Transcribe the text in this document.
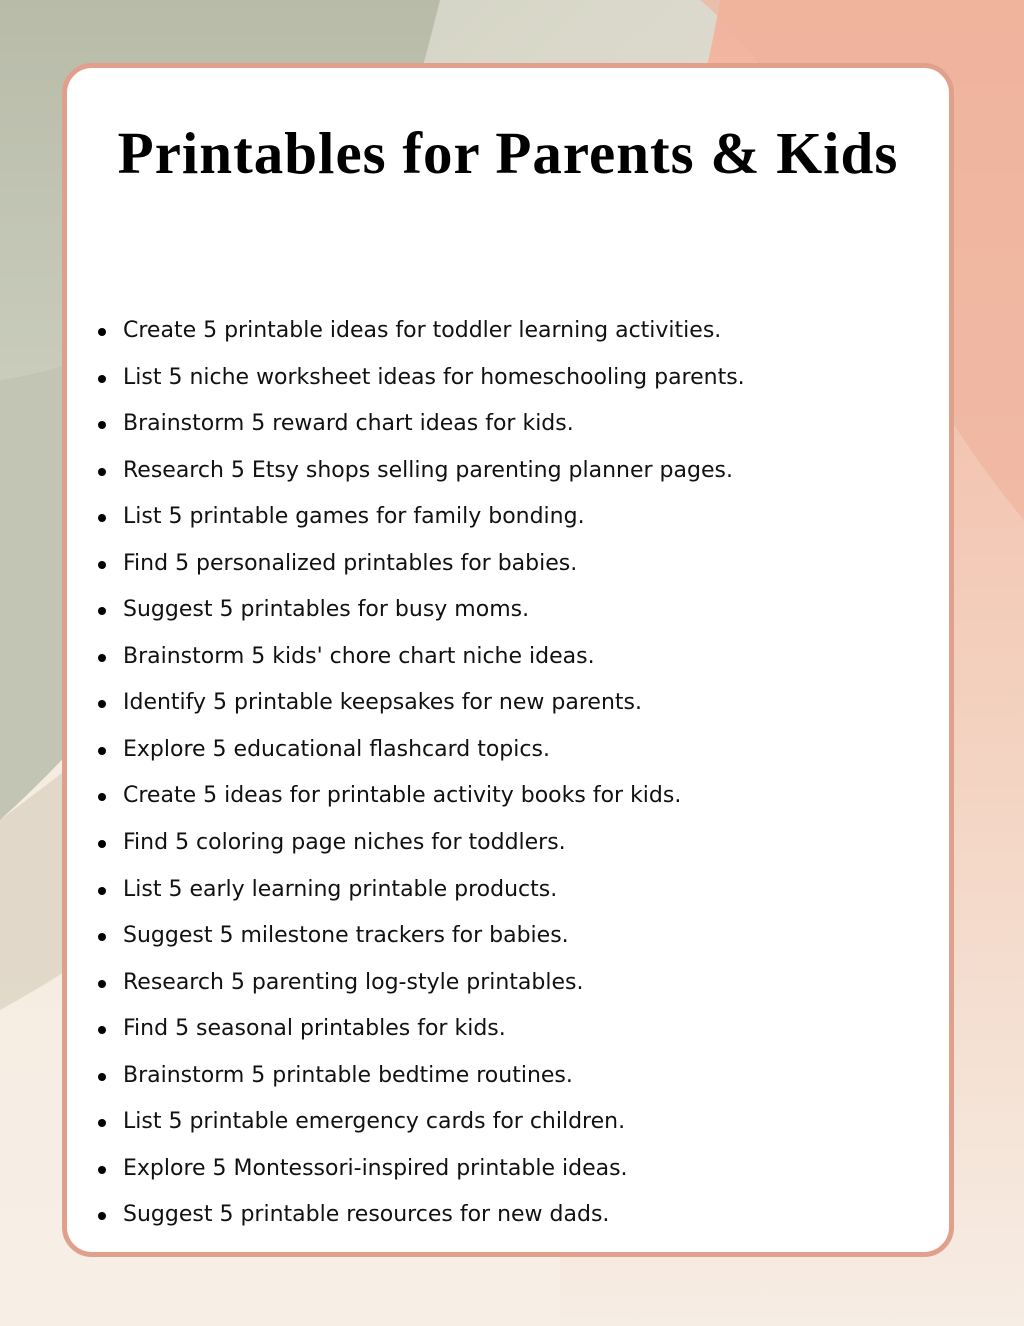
Printables for Parents & Kids
Create 5 printable ideas for toddler learning activities.
List 5 niche worksheet ideas for homeschooling parents.
Brainstorm 5 reward chart ideas for kids.
Research 5 Etsy shops selling parenting planner pages.
List 5 printable games for family bonding.
Find 5 personalized printables for babies.
Suggest 5 printables for busy moms.
Brainstorm 5 kids' chore chart niche ideas.
Identify 5 printable keepsakes for new parents.
Explore 5 educational flashcard topics.
Create 5 ideas for printable activity books for kids.
Find 5 coloring page niches for toddlers.
List 5 early learning printable products.
Suggest 5 milestone trackers for babies.
Research 5 parenting log-style printables.
Find 5 seasonal printables for kids.
Brainstorm 5 printable bedtime routines.
List 5 printable emergency cards for children.
Explore 5 Montessori-inspired printable ideas.
Suggest 5 printable resources for new dads.
